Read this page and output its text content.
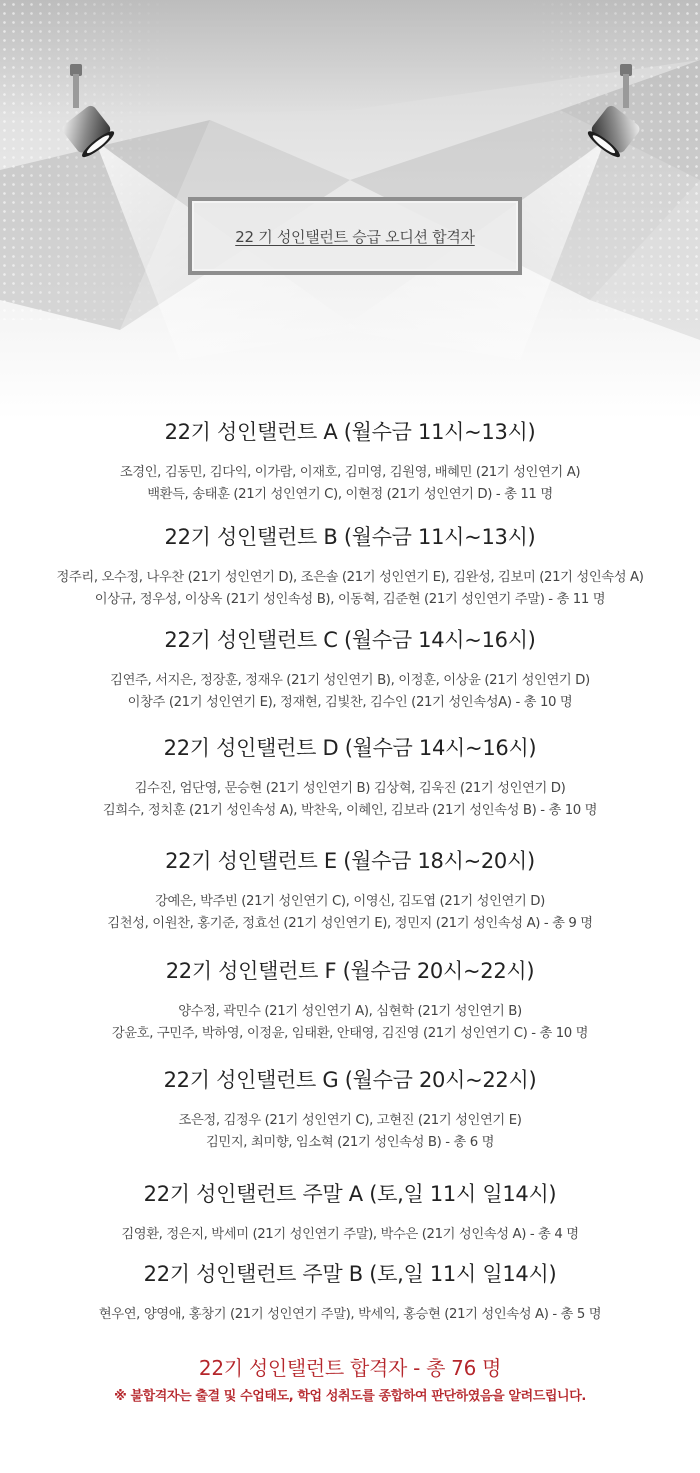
22 기 성인탤런트 승급 오디션 합격자
22기 성인탤런트 A (월수금 11시~13시)

조경인, 김동민, 김다익, 이가람, 이재호, 김미영, 김원영, 배혜민 (21기 성인연기 A)

백환득, 송태훈 (21기 성인연기 C), 이현정 (21기 성인연기 D) - 총 11 명

22기 성인탤런트 B (월수금 11시~13시)

정주리, 오수정, 나우찬 (21기 성인연기 D), 조은솔 (21기 성인연기 E), 김완성, 김보미 (21기 성인속성 A)

이상규, 정우성, 이상옥 (21기 성인속성 B), 이동혁, 김준현 (21기 성인연기 주말) - 총 11 명

22기 성인탤런트 C (월수금 14시~16시)

김연주, 서지은, 정장훈, 정재우 (21기 성인연기 B), 이정훈, 이상윤 (21기 성인연기 D)

이창주 (21기 성인연기 E), 정재현, 김빛찬, 김수인 (21기 성인속성A) - 총 10 명

22기 성인탤런트 D (월수금 14시~16시)

김수진, 엄단영, 문승현 (21기 성인연기 B) 김상혁, 김욱진 (21기 성인연기 D)

김희수, 정치훈 (21기 성인속성 A), 박찬욱, 이혜인, 김보라 (21기 성인속성 B) - 총 10 명

22기 성인탤런트 E (월수금 18시~20시)

강예은, 박주빈 (21기 성인연기 C), 이영신, 김도엽 (21기 성인연기 D)

김천성, 이원찬, 홍기준, 정효선 (21기 성인연기 E), 정민지 (21기 성인속성 A) - 총 9 명

22기 성인탤런트 F (월수금 20시~22시)

양수정, 곽민수 (21기 성인연기 A), 심현학 (21기 성인연기 B)

강윤호, 구민주, 박하영, 이정윤, 임태환, 안태영, 김진영 (21기 성인연기 C) - 총 10 명

22기 성인탤런트 G (월수금 20시~22시)

조은정, 김정우 (21기 성인연기 C), 고현진 (21기 성인연기 E)

김민지, 최미향, 임소혁 (21기 성인속성 B) - 총 6 명

22기 성인탤런트 주말 A (토,일 11시 일14시)

김영환, 정은지, 박세미 (21기 성인연기 주말), 박수은 (21기 성인속성 A) - 총 4 명

22기 성인탤런트 주말 B (토,일 11시 일14시)

현우연, 양영애, 홍창기 (21기 성인연기 주말), 박세익, 홍승현 (21기 성인속성 A) - 총 5 명

22기 성인탤런트 합격자 - 총 76 명
※ 불합격자는 출결 및 수업태도, 학업 성취도를 종합하여 판단하였음을 알려드립니다.
